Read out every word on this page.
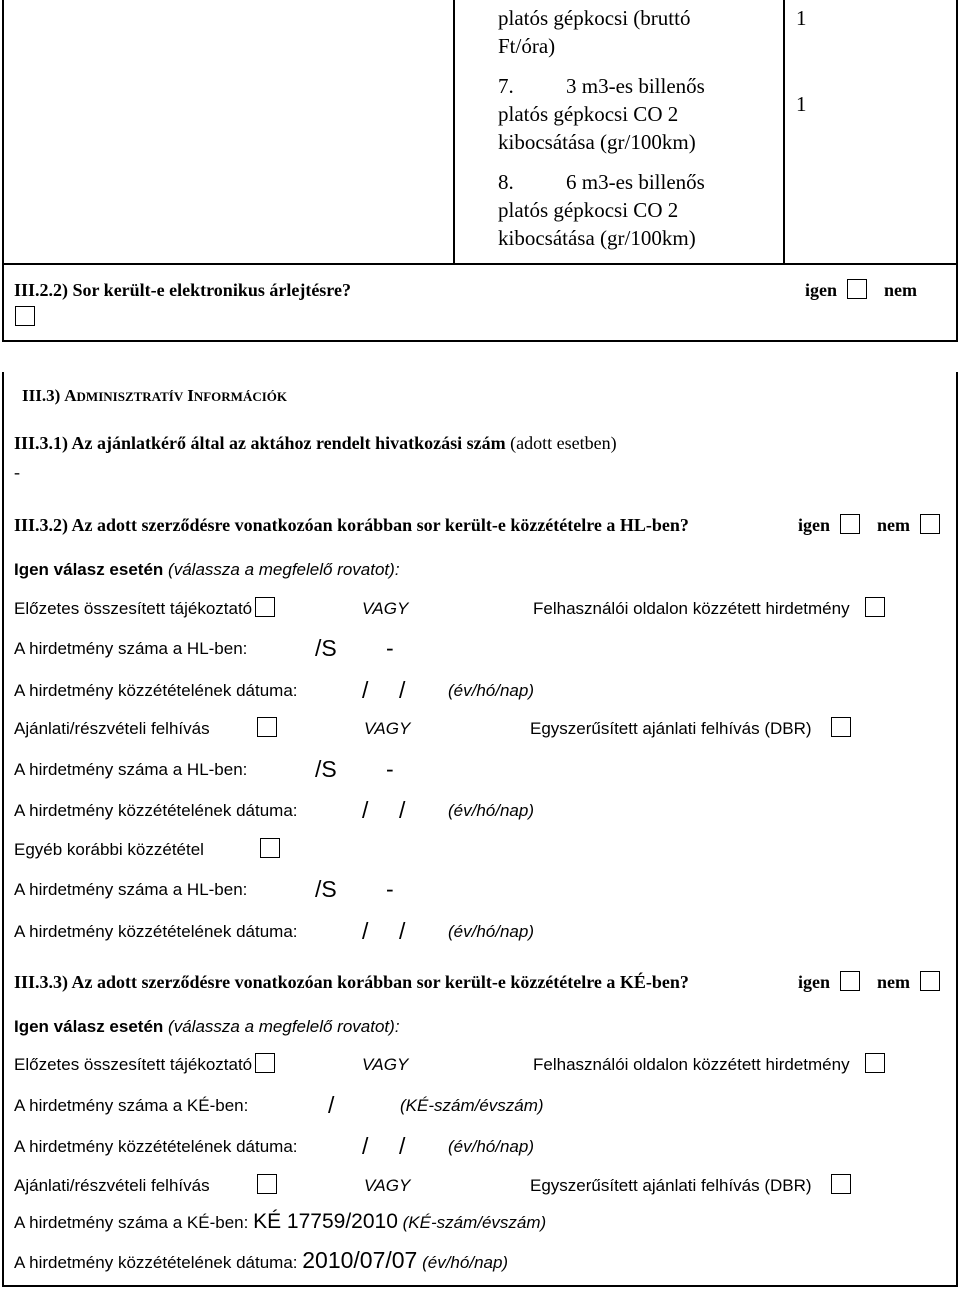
platós gépkocsi (bruttó
Ft/óra)
7. 3 m3-es billenős
platós gépkocsi CO 2
kibocsátása (gr/100km)
8. 6 m3-es billenős
platós gépkocsi CO 2
kibocsátása (gr/100km)
1
1
III.2.2) Sor került-e elektronikus árlejtésre?	igen	nem
III.3) ADMINISZTRATÍV INFORMÁCIÓK
III.3.1) Az ajánlatkérő által az aktához rendelt hivatkozási szám (adott esetben)
-
III.3.2) Az adott szerződésre vonatkozóan korábban sor került-e közzétételre a HL-ben?	igen	nem
Igen válasz esetén (válassza a megfelelő rovatot):
Előzetes összesített tájékoztató	VAGY	Felhasználói oldalon közzétett hirdetmény
A hirdetmény száma a HL-ben:	/S -
A hirdetmény közzétételének dátuma:	/ /	(év/hó/nap)
Ajánlati/részvételi felhívás	VAGY	Egyszerűsített ajánlati felhívás (DBR)
A hirdetmény száma a HL-ben:	/S -
A hirdetmény közzétételének dátuma:	/ /	(év/hó/nap)
Egyéb korábbi közzététel
A hirdetmény száma a HL-ben:	/S -
A hirdetmény közzétételének dátuma:	/ /	(év/hó/nap)
III.3.3) Az adott szerződésre vonatkozóan korábban sor került-e közzétételre a KÉ-ben?	igen	nem
Igen válasz esetén (válassza a megfelelő rovatot):
Előzetes összesített tájékoztató	VAGY	Felhasználói oldalon közzétett hirdetmény
A hirdetmény száma a KÉ-ben:	/	(KÉ-szám/évszám)
A hirdetmény közzétételének dátuma:	/ /	(év/hó/nap)
Ajánlati/részvételi felhívás	VAGY	Egyszerűsített ajánlati felhívás (DBR)
A hirdetmény száma a KÉ-ben: KÉ 17759/2010 (KÉ-szám/évszám)
A hirdetmény közzétételének dátuma: 2010/07/07 (év/hó/nap)
